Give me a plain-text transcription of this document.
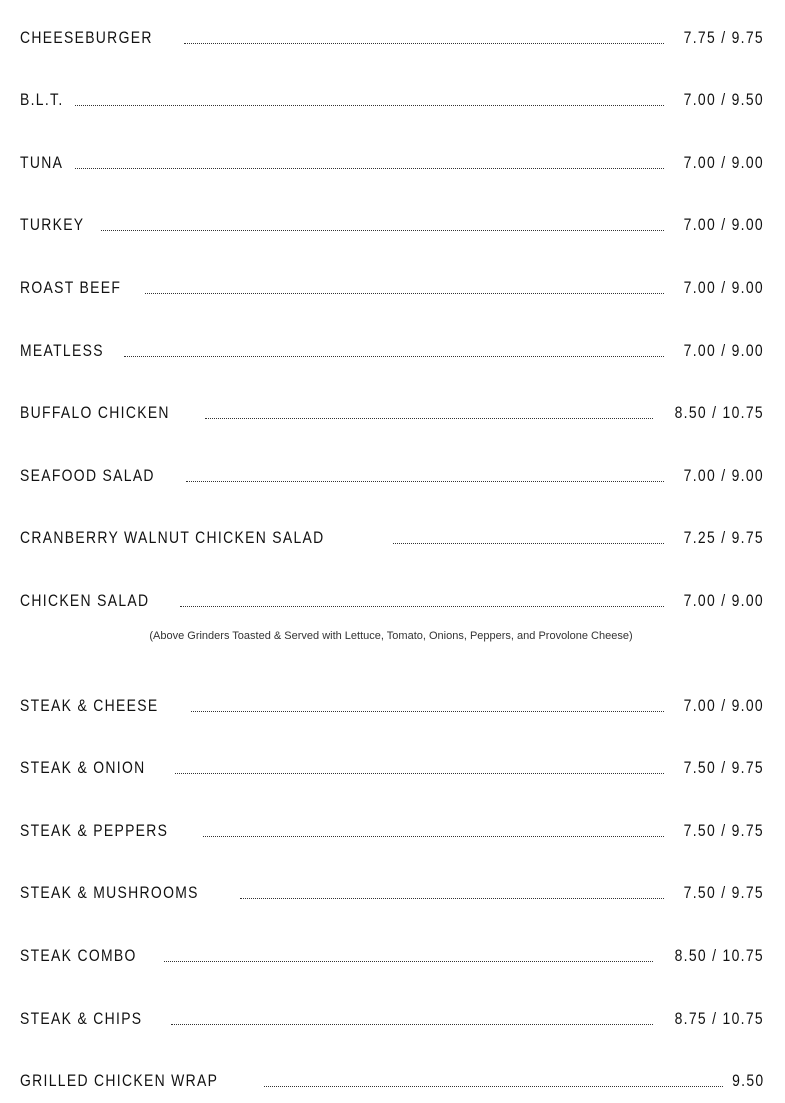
CHEESEBURGER	7.75 / 9.75
B.L.T.	7.00 / 9.50
TUNA	7.00 / 9.00
TURKEY	7.00 / 9.00
ROAST BEEF	7.00 / 9.00
MEATLESS	7.00 / 9.00
BUFFALO CHICKEN	8.50 / 10.75
SEAFOOD SALAD	7.00 / 9.00
CRANBERRY WALNUT CHICKEN SALAD	7.25 / 9.75
CHICKEN SALAD	7.00 / 9.00
(Above Grinders Toasted & Served with Lettuce, Tomato, Onions, Peppers, and Provolone Cheese)
STEAK & CHEESE	7.00 / 9.00
STEAK & ONION	7.50 / 9.75
STEAK & PEPPERS	7.50 / 9.75
STEAK & MUSHROOMS	7.50 / 9.75
STEAK COMBO	8.50 / 10.75
STEAK & CHIPS	8.75 / 10.75
GRILLED CHICKEN WRAP	9.50
